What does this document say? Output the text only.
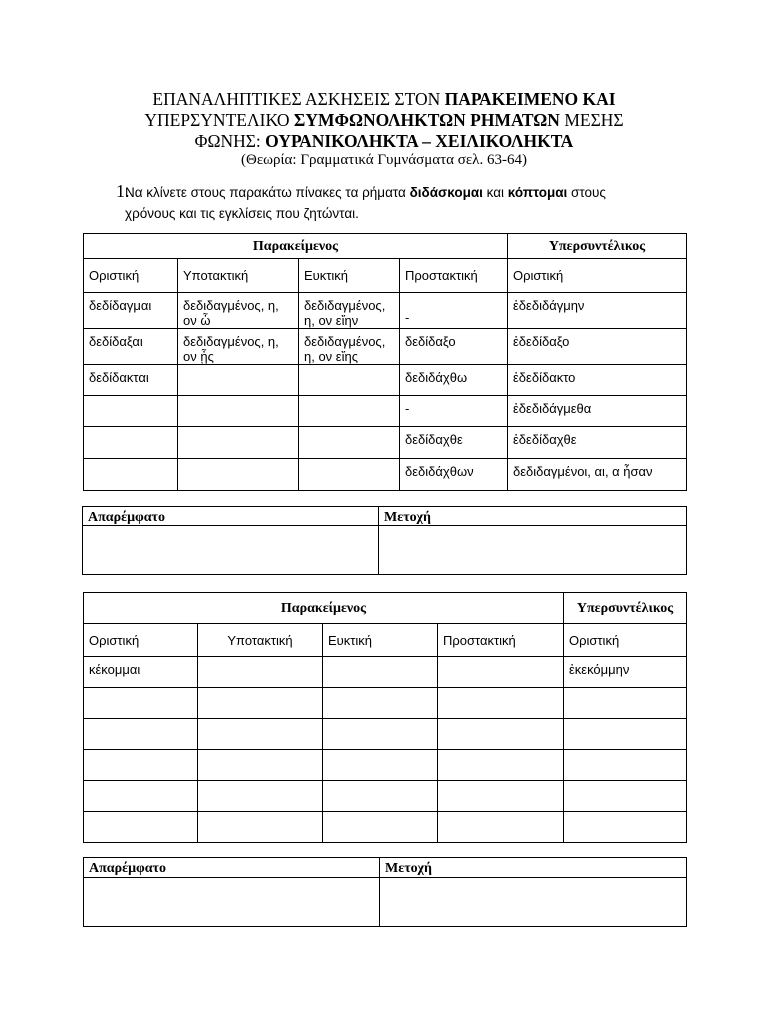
ΕΠΑΝΑΛΗΠΤΙΚΕΣ ΑΣΚΗΣΕΙΣ ΣΤΟΝ ΠΑΡΑΚΕΙΜΕΝΟ ΚΑΙ
ΥΠΕΡΣΥΝΤΕΛΙΚΟ ΣΥΜΦΩΝΟΛΗΚΤΩΝ ΡΗΜΑΤΩΝ ΜΕΣΗΣ
ΦΩΝΗΣ: ΟΥΡΑΝΙΚΟΛΗΚΤΑ – ΧΕΙΛΙΚΟΛΗΚΤΑ
(Θεωρία: Γραμματικά Γυμνάσματα σελ. 63-64)
1.
Να κλίνετε στους παρακάτω πίνακες τα ρήματα διδάσκομαι και κόπτομαι στους
χρόνους και τις εγκλίσεις που ζητώνται.
Παρακείμενος				Υπερσυντέλικος
Οριστική	Υποτακτική	Ευκτική	Προστακτική	Οριστική
δεδίδαγμαι	δεδιδαγμένος, η, ον ὦ	δεδιδαγμένος, η, ον εἴην	-	ἐδεδιδάγμην
δεδίδαξαι	δεδιδαγμένος, η, ον ᾖς	δεδιδαγμένος, η, ον εἴης	δεδίδαξο	ἐδεδίδαξο
δεδίδακται			δεδιδάχθω	ἐδεδίδακτο
			-	ἐδεδιδάγμεθα
			δεδίδαχθε	ἐδεδίδαχθε
			δεδιδάχθων	δεδιδαγμένοι, αι, α ἦσαν
Απαρέμφατο	Μετοχή

Παρακείμενος				Υπερσυντέλικος
Οριστική	Υποτακτική	Ευκτική	Προστακτική	Οριστική
κέκομμαι				ἐκεκόμμην

Απαρέμφατο	Μετοχή
